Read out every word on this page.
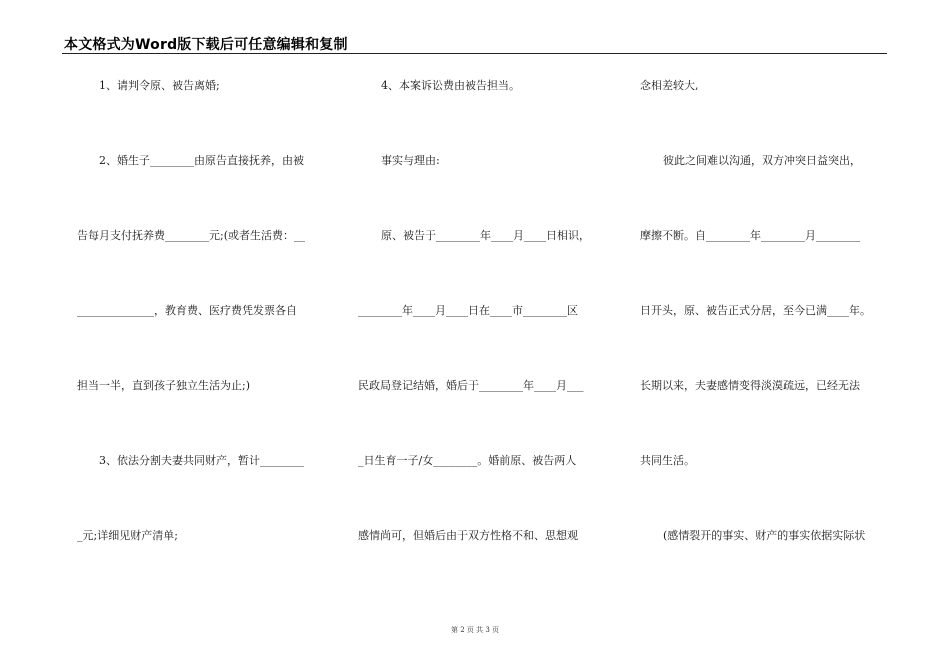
本文格式为Word版下载后可任意编辑和复制
1、请判令原、被告离婚;
2、婚生子________由原告直接抚养，由被
告每月支付抚养费________元;(或者生活费：__
______________，教育费、医疗费凭发票各自
担当一半，直到孩子独立生活为止;)
3、依法分割夫妻共同财产，暂计________
_元;详细见财产清单;
4、本案诉讼费由被告担当。
事实与理由:
原、被告于________年____月____日相识，
________年____月____日在____市________区
民政局登记结婚，婚后于________年____月___
_日生育一子/女________。婚前原、被告两人
感情尚可，但婚后由于双方性格不和、思想观
念相差较大,
彼此之间难以沟通，双方冲突日益突出，
摩擦不断。自________年________月________
日开头，原、被告正式分居，至今已满____年。
长期以来，夫妻感情变得淡漠疏远，已经无法
共同生活。
(感情裂开的事实、财产的事实依据实际状
第 2 页 共 3 页
